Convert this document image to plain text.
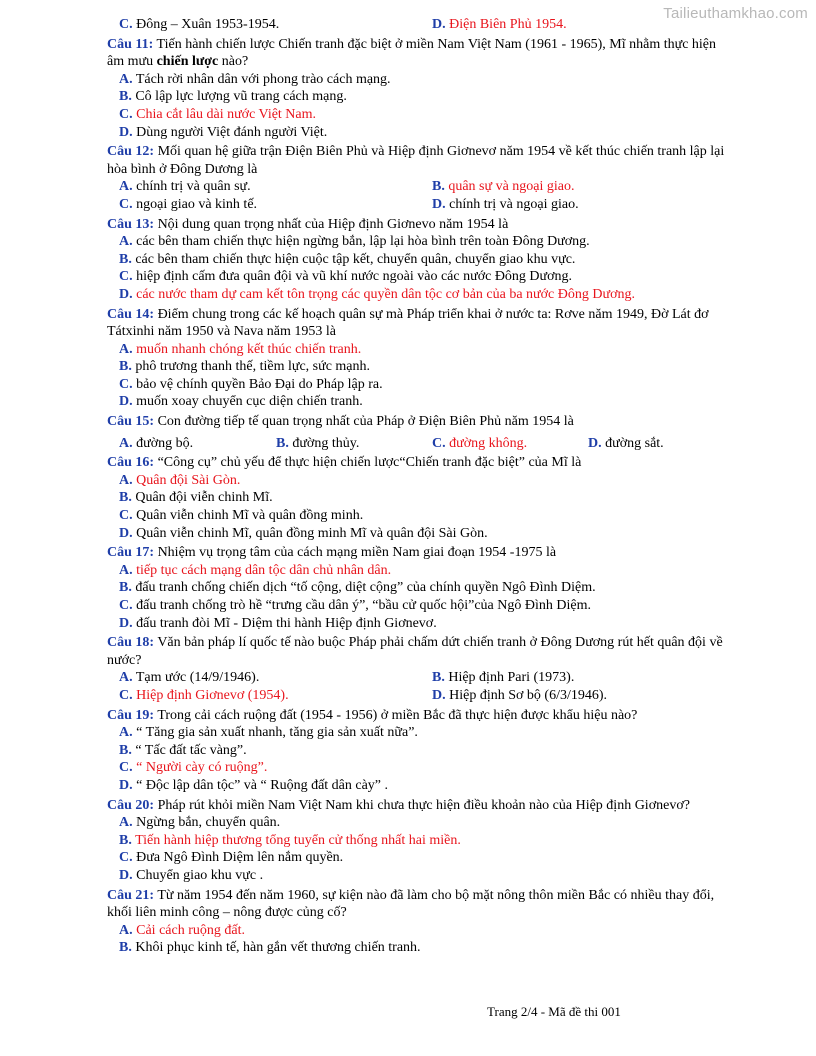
Tailieuthamkhao.com
C. Đông – Xuân 1953-1954.	D. Điện Biên Phủ 1954.
Câu 11: Tiến hành chiến lược Chiến tranh đặc biệt ở miền Nam Việt Nam (1961 - 1965), Mĩ nhằm thực hiện âm mưu chiến lược nào?
A. Tách rời nhân dân với phong trào cách mạng.
B. Cô lập lực lượng vũ trang cách mạng.
C. Chia cắt lâu dài nước Việt Nam.
D. Dùng người Việt đánh người Việt.
Câu 12: Mối quan hệ giữa trận Điện Biên Phủ và Hiệp định Giơnevơ năm 1954 về kết thúc chiến tranh lập lại hòa bình ở Đông Dương là
A. chính trị và quân sự.	B. quân sự và ngoại giao.
C. ngoại giao và kinh tế.	D. chính trị và ngoại giao.
Câu 13: Nội dung quan trọng nhất của Hiệp định Giơnevo năm 1954 là
A. các bên tham chiến thực hiện ngừng bắn, lập lại hòa bình trên toàn Đông Dương.
B. các bên tham chiến thực hiện cuộc tập kết, chuyển quân, chuyển giao khu vực.
C. hiệp định cấm đưa quân đội và vũ khí nước ngoài vào các nước Đông Dương.
D. các nước tham dự cam kết tôn trọng các quyền dân tộc cơ bản của ba nước Đông Dương.
Câu 14: Điểm chung trong các kế hoạch quân sự mà Pháp triển khai ở nước ta: Rơve năm 1949, Đờ Lát đơ Tátxinhi năm 1950 và Nava năm 1953 là
A. muốn nhanh chóng kết thúc chiến tranh.
B. phô trương thanh thế, tiềm lực, sức mạnh.
C. bảo vệ chính quyền Bảo Đại do Pháp lập ra.
D. muốn xoay chuyển cục diện chiến tranh.
Câu 15: Con đường tiếp tế quan trọng nhất của Pháp ở Điện Biên Phủ năm 1954 là
A. đường bộ.	B. đường thủy.	C. đường không.	D. đường sắt.
Câu 16: “Công cụ” chủ yếu để thực hiện chiến lược“Chiến tranh đặc biệt” của Mĩ là
A. Quân đội Sài Gòn.
B. Quân đội viễn chinh Mĩ.
C. Quân viễn chinh Mĩ và quân đồng minh.
D. Quân viễn chinh Mĩ, quân đồng minh Mĩ và quân đội Sài Gòn.
Câu 17: Nhiệm vụ trọng tâm của cách mạng miền Nam giai đoạn 1954 -1975 là
A. tiếp tục cách mạng dân tộc dân chủ nhân dân.
B. đấu tranh chống chiến dịch “tố cộng, diệt cộng” của chính quyền Ngô Đình Diệm.
C. đấu tranh chống trò hề “trưng cầu dân ý”, “bầu cử quốc hội”của Ngô Đình Diệm.
D. đấu tranh đòi Mĩ - Diệm thi hành Hiệp định Giơnevơ.
Câu 18: Văn bản pháp lí quốc tế nào buộc Pháp phải chấm dứt chiến tranh ở Đông Dương rút hết quân đội về nước?
A. Tạm ước (14/9/1946).	B. Hiệp định Pari (1973).
C. Hiệp định Giơnevơ (1954).	D. Hiệp định Sơ bộ (6/3/1946).
Câu 19: Trong cải cách ruộng đất (1954 - 1956) ở miền Bắc đã thực hiện được khẩu hiệu nào?
A. “ Tăng gia sản xuất nhanh, tăng gia sản xuất nữa”.
B. “ Tấc đất tấc vàng”.
C. “ Người cày có ruộng”.
D. “ Độc lập dân tộc” và “ Ruộng đất dân cày” .
Câu 20: Pháp rút khỏi miền Nam Việt Nam khi chưa thực hiện điều khoản nào của Hiệp định Giơnevơ?
A. Ngừng bắn, chuyển quân.
B. Tiến hành hiệp thương tổng tuyển cử thống nhất hai miền.
C. Đưa Ngô Đình Diệm lên nắm quyền.
D. Chuyển giao khu vực .
Câu 21: Từ năm 1954 đến năm 1960, sự kiện nào đã làm cho bộ mặt nông thôn miền Bắc có nhiều thay đổi, khối liên minh công – nông được củng cố?
A. Cải cách ruộng đất.
B. Khôi phục kinh tế, hàn gắn vết thương chiến tranh.
Trang 2/4 - Mã đề thi 001
